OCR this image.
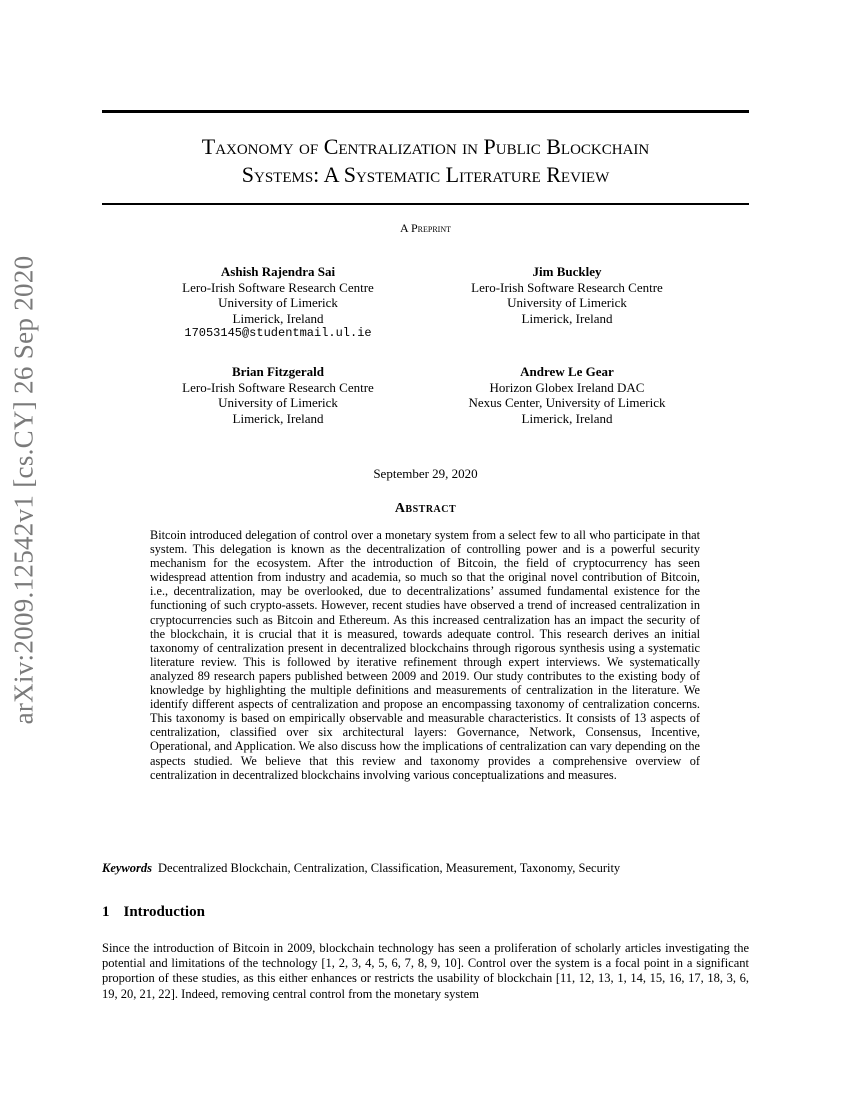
arXiv:2009.12542v1 [cs.CY] 26 Sep 2020
Taxonomy of Centralization in Public Blockchain
Systems: A Systematic Literature Review
A Preprint
Ashish Rajendra Sai
Lero-Irish Software Research Centre
University of Limerick
Limerick, Ireland
17053145@studentmail.ul.ie
Jim Buckley
Lero-Irish Software Research Centre
University of Limerick
Limerick, Ireland
Brian Fitzgerald
Lero-Irish Software Research Centre
University of Limerick
Limerick, Ireland
Andrew Le Gear
Horizon Globex Ireland DAC
Nexus Center, University of Limerick
Limerick, Ireland
September 29, 2020
Abstract

Bitcoin introduced delegation of control over a monetary system from a select few to all who participate in that system. This delegation is known as the decentralization of controlling power and is a powerful security mechanism for the ecosystem. After the introduction of Bitcoin, the field of cryptocurrency has seen widespread attention from industry and academia, so much so that the original novel contribution of Bitcoin, i.e., decentralization, may be overlooked, due to decentralizations’ assumed fundamental existence for the functioning of such crypto-assets. However, recent studies have observed a trend of increased centralization in cryptocurrencies such as Bitcoin and Ethereum. As this increased centralization has an impact the security of the blockchain, it is crucial that it is measured, towards adequate control. This research derives an initial taxonomy of centralization present in decentralized blockchains through rigorous synthesis using a systematic literature review. This is followed by iterative refinement through expert interviews. We systematically analyzed 89 research papers published between 2009 and 2019. Our study contributes to the existing body of knowledge by highlighting the multiple definitions and measurements of centralization in the literature. We identify different aspects of centralization and propose an encompassing taxonomy of centralization concerns. This taxonomy is based on empirically observable and measurable characteristics. It consists of 13 aspects of centralization, classified over six architectural layers: Governance, Network, Consensus, Incentive, Operational, and Application. We also discuss how the implications of centralization can vary depending on the aspects studied. We believe that this review and taxonomy provides a comprehensive overview of centralization in decentralized blockchains involving various conceptualizations and measures.

Keywords Decentralized Blockchain, Centralization, Classification, Measurement, Taxonomy, Security

1 Introduction

Since the introduction of Bitcoin in 2009, blockchain technology has seen a proliferation of scholarly articles investigating the potential and limitations of the technology [1, 2, 3, 4, 5, 6, 7, 8, 9, 10]. Control over the system is a focal point in a significant proportion of these studies, as this either enhances or restricts the usability of blockchain [11, 12, 13, 1, 14, 15, 16, 17, 18, 3, 6, 19, 20, 21, 22]. Indeed, removing central control from the monetary system
